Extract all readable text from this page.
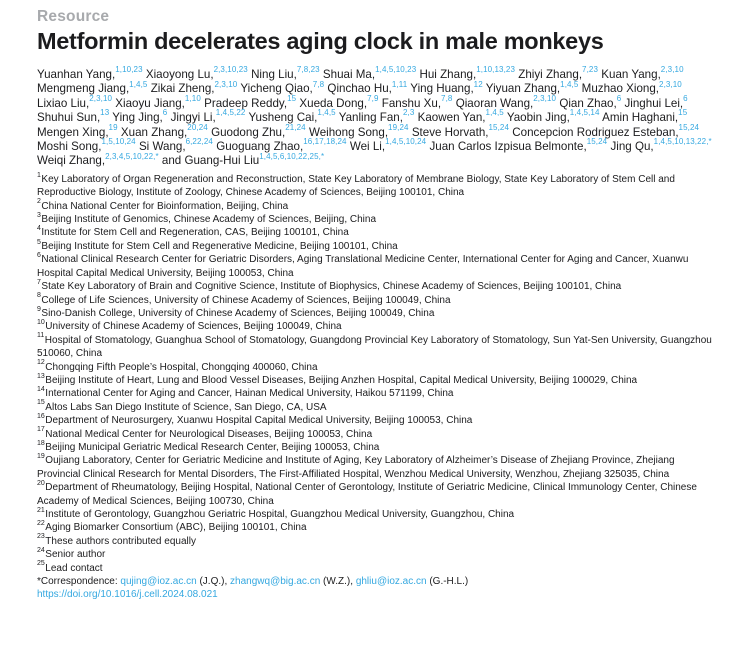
Resource
Metformin decelerates aging clock in male monkeys

Yuanhan Yang,$^{1,10,23}$ Xiaoyong Lu,$^{2,3,10,23}$ Ning Liu,$^{7,8,23}$ Shuai Ma,$^{1,4,5,10,23}$ Hui Zhang,$^{1,10,13,23}$ Zhiyi Zhang,$^{7,23}$ Kuan Yang,$^{2,3,10}$ Mengmeng Jiang,$^{1,4,5}$ Zikai Zheng,$^{2,3,10}$ Yicheng Qiao,$^{7,8}$ Qinchao Hu,$^{1,11}$ Ying Huang,$^{12}$ Yiyuan Zhang,$^{1,4,5}$ Muzhao Xiong,$^{2,3,10}$ Lixiao Liu,$^{2,3,10}$ Xiaoyu Jiang,$^{1,10}$ Pradeep Reddy,$^{15}$ Xueda Dong,$^{7,9}$ Fanshu Xu,$^{7,8}$ Qiaoran Wang,$^{2,3,10}$ Qian Zhao,$^6$ Jinghui Lei,$^6$ Shuhui Sun,$^{13}$ Ying Jing,$^6$ Jingyi Li,$^{1,4,5,22}$ Yusheng Cai,$^{1,4,5}$ Yanling Fan,$^{2,3}$ Kaowen Yan,$^{1,4,5}$ Yaobin Jing,$^{1,4,5,14}$ Amin Haghani,$^{15}$ Mengen Xing,$^{19}$ Xuan Zhang,$^{20,24}$ Guodong Zhu,$^{21,24}$ Weihong Song,$^{19,24}$ Steve Horvath,$^{15,24}$ Concepcion Rodriguez Esteban,$^{15,24}$ Moshi Song,$^{1,5,10,24}$ Si Wang,$^{6,22,24}$ Guoguang Zhao,$^{16,17,18,24}$ Wei Li,$^{1,4,5,10,24}$ Juan Carlos Izpisua Belmonte,$^{15,24}$ Jing Qu,$^{1,4,5,10,13,22,*}$ Weiqi Zhang,$^{2,3,4,5,10,22,*}$ and Guang-Hui Liu$^{1,4,5,6,10,22,25,*}$

$^1$Key Laboratory of Organ Regeneration and Reconstruction, State Key Laboratory of Membrane Biology, State Key Laboratory of Stem Cell and Reproductive Biology, Institute of Zoology, Chinese Academy of Sciences, Beijing 100101, China
$^2$China National Center for Bioinformation, Beijing, China
$^3$Beijing Institute of Genomics, Chinese Academy of Sciences, Beijing, China
$^4$Institute for Stem Cell and Regeneration, CAS, Beijing 100101, China
$^5$Beijing Institute for Stem Cell and Regenerative Medicine, Beijing 100101, China
$^6$National Clinical Research Center for Geriatric Disorders, Aging Translational Medicine Center, International Center for Aging and Cancer, Xuanwu Hospital Capital Medical University, Beijing 100053, China
$^7$State Key Laboratory of Brain and Cognitive Science, Institute of Biophysics, Chinese Academy of Sciences, Beijing 100101, China
$^8$College of Life Sciences, University of Chinese Academy of Sciences, Beijing 100049, China
$^9$Sino-Danish College, University of Chinese Academy of Sciences, Beijing 100049, China
$^{10}$University of Chinese Academy of Sciences, Beijing 100049, China
$^{11}$Hospital of Stomatology, Guanghua School of Stomatology, Guangdong Provincial Key Laboratory of Stomatology, Sun Yat-Sen University, Guangzhou 510060, China
$^{12}$Chongqing Fifth People’s Hospital, Chongqing 400060, China
$^{13}$Beijing Institute of Heart, Lung and Blood Vessel Diseases, Beijing Anzhen Hospital, Capital Medical University, Beijing 100029, China
$^{14}$International Center for Aging and Cancer, Hainan Medical University, Haikou 571199, China
$^{15}$Altos Labs San Diego Institute of Science, San Diego, CA, USA
$^{16}$Department of Neurosurgery, Xuanwu Hospital Capital Medical University, Beijing 100053, China
$^{17}$National Medical Center for Neurological Diseases, Beijing 100053, China
$^{18}$Beijing Municipal Geriatric Medical Research Center, Beijing 100053, China
$^{19}$Oujiang Laboratory, Center for Geriatric Medicine and Institute of Aging, Key Laboratory of Alzheimer’s Disease of Zhejiang Province, Zhejiang Provincial Clinical Research for Mental Disorders, The First-Affiliated Hospital, Wenzhou Medical University, Wenzhou, Zhejiang 325035, China
$^{20}$Department of Rheumatology, Beijing Hospital, National Center of Gerontology, Institute of Geriatric Medicine, Clinical Immunology Center, Chinese Academy of Medical Sciences, Beijing 100730, China
$^{21}$Institute of Gerontology, Guangzhou Geriatric Hospital, Guangzhou Medical University, Guangzhou, China
$^{22}$Aging Biomarker Consortium (ABC), Beijing 100101, China
$^{23}$These authors contributed equally
$^{24}$Senior author
$^{25}$Lead contact
*Correspondence: qujing@ioz.ac.cn (J.Q.), zhangwq@big.ac.cn (W.Z.), ghliu@ioz.ac.cn (G.-H.L.)
https://doi.org/10.1016/j.cell.2024.08.021
